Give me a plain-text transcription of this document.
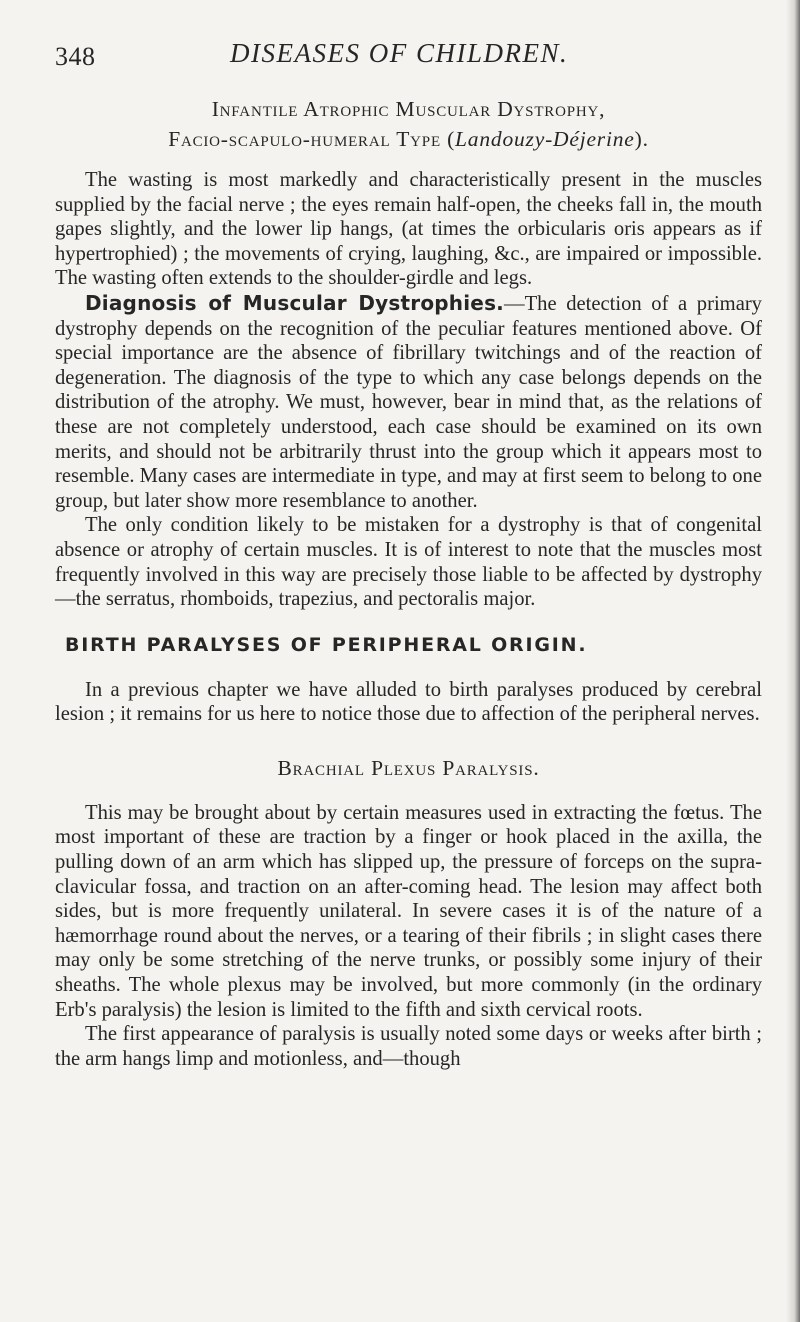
348	DISEASES OF CHILDREN.
Infantile Atrophic Muscular Dystrophy,
Facio-scapulo-humeral Type (Landouzy-Déjerine).

The wasting is most markedly and characteristically present in the muscles supplied by the facial nerve ; the eyes remain half-open, the cheeks fall in, the mouth gapes slightly, and the lower lip hangs, (at times the orbicularis oris appears as if hypertrophied) ; the movements of crying, laughing, &c., are impaired or impossible. The wasting often extends to the shoulder-girdle and legs.

Diagnosis of Muscular Dystrophies.—The detection of a primary dystrophy depends on the recognition of the peculiar features mentioned above. Of special importance are the absence of fibrillary twitchings and of the reaction of degeneration. The diagnosis of the type to which any case belongs depends on the distribution of the atrophy. We must, however, bear in mind that, as the relations of these are not completely understood, each case should be examined on its own merits, and should not be arbitrarily thrust into the group which it appears most to resemble. Many cases are intermediate in type, and may at first seem to belong to one group, but later show more resemblance to another.

The only condition likely to be mistaken for a dystrophy is that of congenital absence or atrophy of certain muscles. It is of interest to note that the muscles most frequently involved in this way are precisely those liable to be affected by dystrophy—the serratus, rhomboids, trapezius, and pectoralis major.

BIRTH PARALYSES OF PERIPHERAL ORIGIN.

In a previous chapter we have alluded to birth paralyses produced by cerebral lesion ; it remains for us here to notice those due to affection of the peripheral nerves.

Brachial Plexus Paralysis.

This may be brought about by certain measures used in extracting the fœtus. The most important of these are traction by a finger or hook placed in the axilla, the pulling down of an arm which has slipped up, the pressure of forceps on the supra-clavicular fossa, and traction on an after-coming head. The lesion may affect both sides, but is more frequently unilateral. In severe cases it is of the nature of a hæmorrhage round about the nerves, or a tearing of their fibrils ; in slight cases there may only be some stretching of the nerve trunks, or possibly some injury of their sheaths. The whole plexus may be involved, but more commonly (in the ordinary Erb's paralysis) the lesion is limited to the fifth and sixth cervical roots.

The first appearance of paralysis is usually noted some days or weeks after birth ; the arm hangs limp and motionless, and—though
